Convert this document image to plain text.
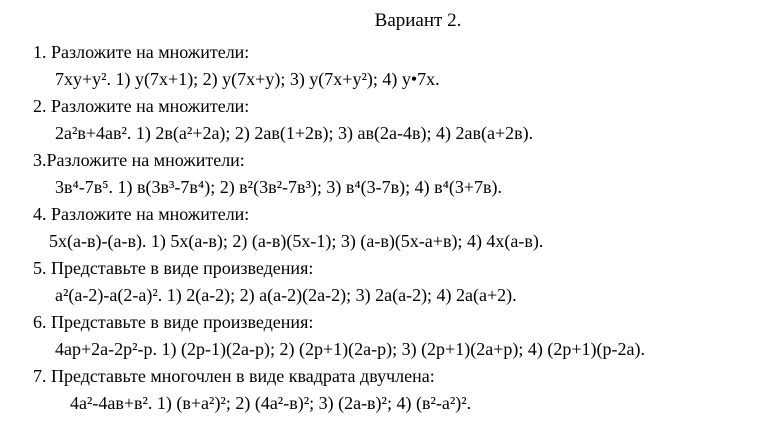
Вариант 2.
1. Разложите на множители:
7xy+y². 1) y(7x+1); 2) y(7x+y); 3) y(7x+y²); 4) y•7x.
2. Разложите на множители:
2a²в+4aв². 1) 2в(a²+2a); 2) 2aв(1+2в); 3) aв(2a-4в); 4) 2aв(a+2в).
3.Разложите на множители:
3в⁴-7в⁵. 1) в(3в³-7в⁴); 2) в²(3в²-7в³); 3) в⁴(3-7в); 4) в⁴(3+7в).
4. Разложите на множители:
5x(a-в)-(a-в). 1) 5x(a-в); 2) (a-в)(5x-1); 3) (a-в)(5x-a+в); 4) 4x(a-в).
5. Представьте в виде произведения:
a²(a-2)-a(2-a)². 1) 2(a-2); 2) a(a-2)(2a-2); 3) 2a(a-2); 4) 2a(a+2).
6. Представьте в виде произведения:
4ap+2a-2p²-p. 1) (2p-1)(2a-p); 2) (2p+1)(2a-p); 3) (2p+1)(2a+p); 4) (2p+1)(p-2a).
7. Представьте многочлен в виде квадрата двучлена:
4a²-4aв+в². 1) (в+a²)²; 2) (4a²-в)²; 3) (2a-в)²; 4) (в²-a²)².
